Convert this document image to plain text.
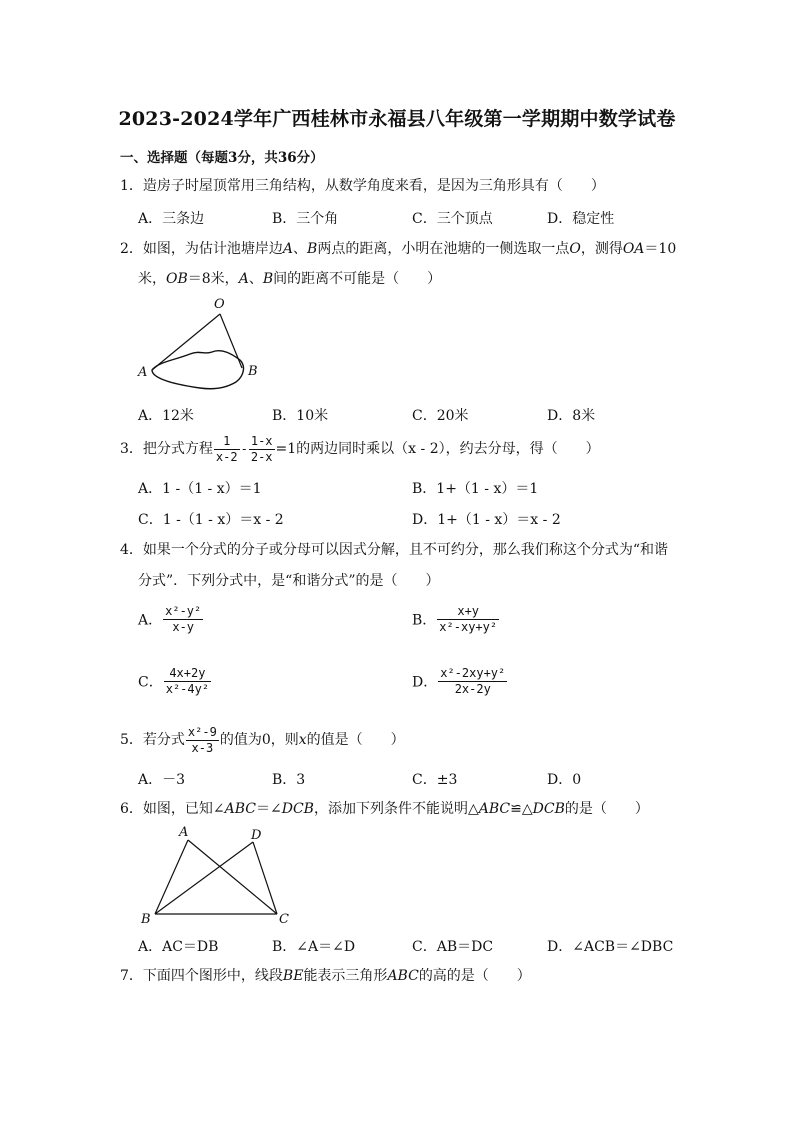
2023-2024学年广西桂林市永福县八年级第一学期期中数学试卷
一、选择题（每题3分，共36分）
1．造房子时屋顶常用三角结构，从数学角度来看，是因为三角形具有（　　）
A．三条边	B．三个角	C．三个顶点	D．稳定性
2．如图，为估计池塘岸边A、B两点的距离，小明在池塘的一侧选取一点O，测得OA＝10
米，OB＝8米，A、B间的距离不可能是（　　）
O
A	B
A．12米	B．10米	C．20米	D．8米
3．把分式方程 $\frac{1}{x-2} - \frac{1-x}{2-x} =1$的两边同时乘以（x - 2），约去分母，得（　　）
A．1 -（1 - x）＝1	B．1+（1 - x）＝1
C．1 -（1 - x）＝x - 2	D．1+（1 - x）＝x - 2
4．如果一个分式的分子或分母可以因式分解，且不可约分，那么我们称这个分式为“和谐
分式”．下列分式中，是“和谐分式”的是（　　）
A． $\frac{\text{x²-y²}}{x-y}$	B． $\frac{x+y}{\text{x²-xy+y²}}$
C． $\frac{4x+2y}{\text{x²-4y²}}$	D． $\frac{\text{x²-2xy+y²}}{2x-2y}$
5．若分式 $\frac{\text{x²-9}}{x-3}$ 的值为0，则x的值是（　　）
A．－3	B．3	C．±3	D．0
6．如图，已知∠ABC＝∠DCB，添加下列条件不能说明△ABC≌△DCB的是（　　）
A	D
B	C
A．AC＝DB	B．∠A＝∠D	C．AB＝DC	D．∠ACB＝∠DBC
7．下面四个图形中，线段BE能表示三角形ABC的高的是（　　）
